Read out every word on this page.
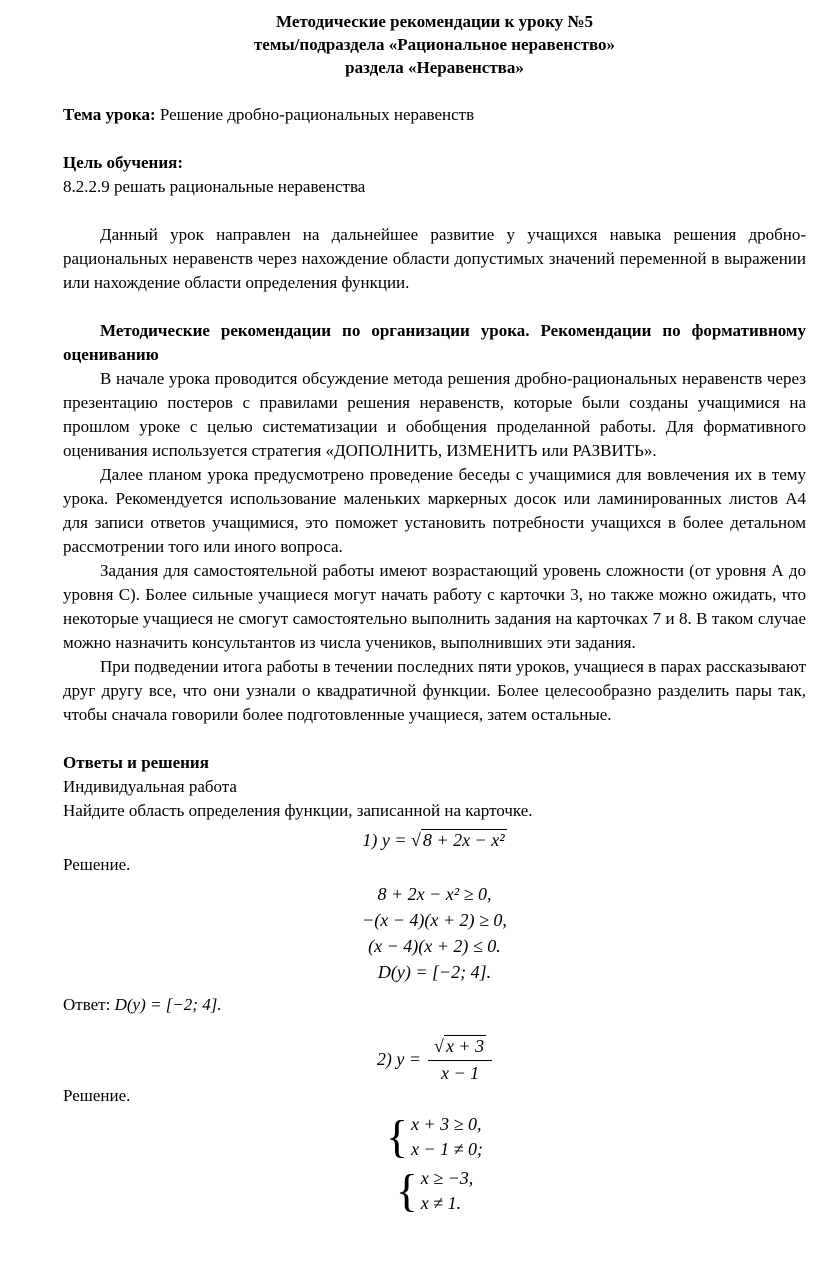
Методические рекомендации к уроку №5
темы/подраздела «Рациональное неравенство»
раздела «Неравенства»

Тема урока: Решение дробно-рациональных неравенств

Цель обучения:

8.2.2.9 решать рациональные неравенства

Данный урок направлен на дальнейшее развитие у учащихся навыка решения дробно-рациональных неравенств через нахождение области допустимых значений переменной в выражении или нахождение области определения функции.

Методические рекомендации по организации урока. Рекомендации по формативному оцениванию

В начале урока проводится обсуждение метода решения дробно-рациональных неравенств через презентацию постеров с правилами решения неравенств, которые были созданы учащимися на прошлом уроке с целью систематизации и обобщения проделанной работы. Для формативного оценивания используется стратегия «ДОПОЛНИТЬ, ИЗМЕНИТЬ или РАЗВИТЬ».

Далее планом урока предусмотрено проведение беседы с учащимися для вовлечения их в тему урока. Рекомендуется использование маленьких маркерных досок или ламинированных листов А4 для записи ответов учащимися, это поможет установить потребности учащихся в более детальном рассмотрении того или иного вопроса.

Задания для самостоятельной работы имеют возрастающий уровень сложности (от уровня А до уровня С). Более сильные учащиеся могут начать работу с карточки 3, но также можно ожидать, что некоторые учащиеся не смогут самостоятельно выполнить задания на карточках 7 и 8. В таком случае можно назначить консультантов из числа учеников, выполнивших эти задания.

При подведении итога работы в течении последних пяти уроков, учащиеся в парах рассказывают друг другу все, что они узнали о квадратичной функции. Более целесообразно разделить пары так, чтобы сначала говорили более подготовленные учащиеся, затем остальные.

Ответы и решения

Индивидуальная работа

Найдите область определения функции, записанной на карточке.

1) y = √ 8 + 2x − x²

Решение.

8 + 2x − x² ≥ 0,
−(x − 4)(x + 2) ≥ 0,
(x − 4)(x + 2) ≤ 0.
D(y) = [−2; 4].

Ответ: D(y) = [−2; 4].

2) $y = \frac{√ x + 3}{x - 1}$

Решение.

{ x + 3 ≥ 0,
x − 1 ≠ 0;
{ x ≥ −3,
x ≠ 1.
